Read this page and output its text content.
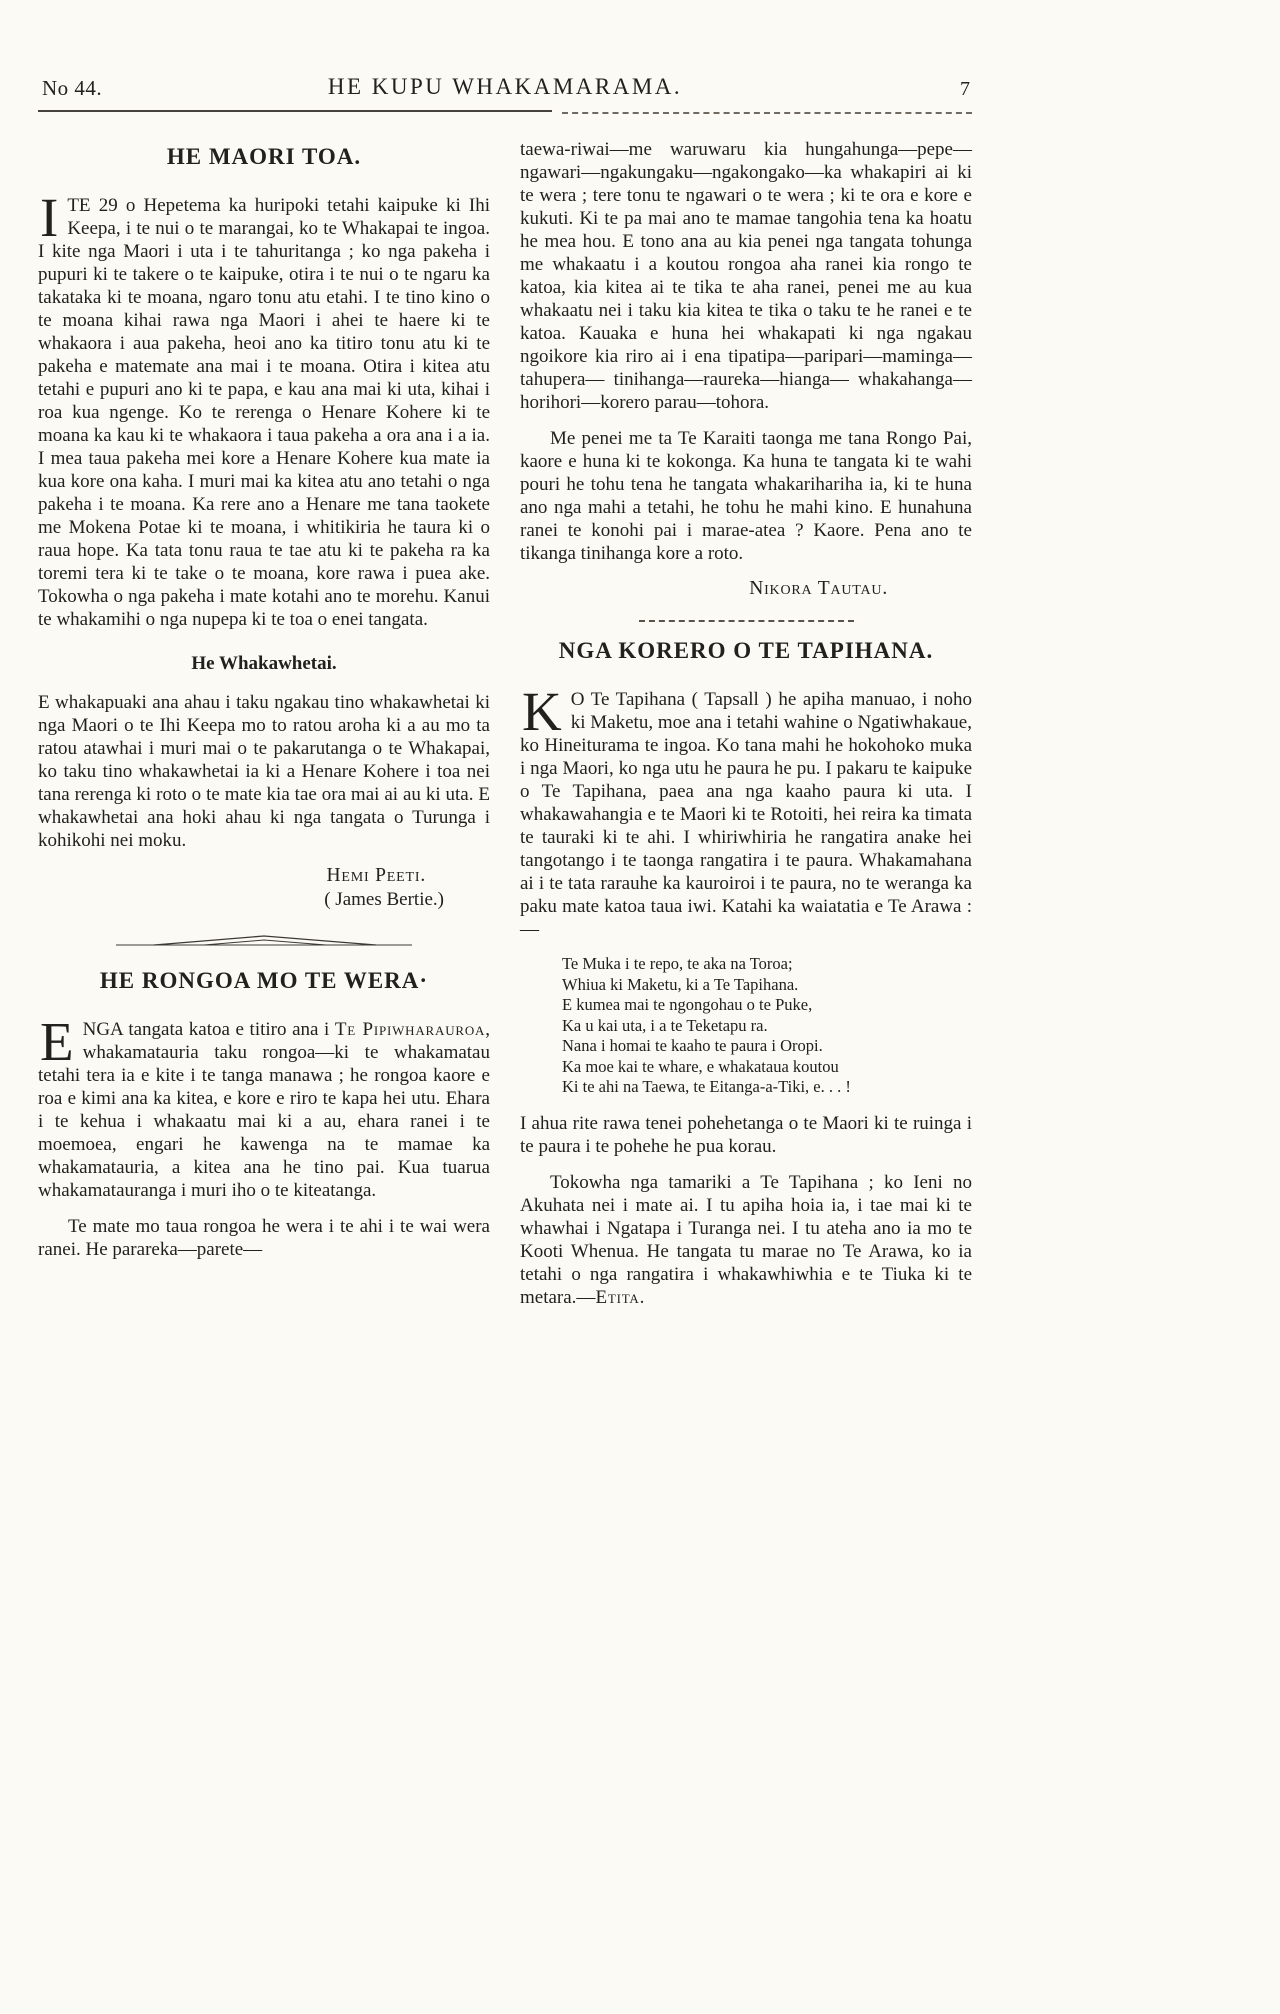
No 44.	HE KUPU WHAKAMARAMA.	7
HE MAORI TOA.

ITE 29 o Hepetema ka huripoki tetahi kaipuke ki Ihi Keepa, i te nui o te marangai, ko te Whakapai te ingoa. I kite nga Maori i uta i te tahuritanga ; ko nga pakeha i pupuri ki te takere o te kaipuke, otira i te nui o te ngaru ka takataka ki te moana, ngaro tonu atu etahi. I te tino kino o te moana kihai rawa nga Maori i ahei te haere ki te whakaora i aua pakeha, heoi ano ka titiro tonu atu ki te pakeha e matemate ana mai i te moana. Otira i kitea atu tetahi e pupuri ano ki te papa, e kau ana mai ki uta, kihai i roa kua ngenge. Ko te rerenga o Henare Kohere ki te moana ka kau ki te whakaora i taua pakeha a ora ana i a ia. I mea taua pakeha mei kore a Henare Kohere kua mate ia kua kore ona kaha. I muri mai ka kitea atu ano tetahi o nga pakeha i te moana. Ka rere ano a Henare me tana taokete me Mokena Potae ki te moana, i whitikiria he taura ki o raua hope. Ka tata tonu raua te tae atu ki te pakeha ra ka toremi tera ki te take o te moana, kore rawa i puea ake. Tokowha o nga pakeha i mate kotahi ano te morehu. Kanui te whakamihi o nga nupepa ki te toa o enei tangata.

He Whakawhetai.

E whakapuaki ana ahau i taku ngakau tino whakawhetai ki nga Maori o te Ihi Keepa mo to ratou aroha ki a au mo ta ratou atawhai i muri mai o te pakarutanga o te Whakapai, ko taku tino whakawhetai ia ki a Henare Kohere i toa nei tana rerenga ki roto o te mate kia tae ora mai ai au ki uta. E whakawhetai ana hoki ahau ki nga tangata o Turunga i kohikohi nei moku.

Hemi Peeti.
( James Bertie.)
HE RONGOA MO TE WERA·

ENGA tangata katoa e titiro ana i Te Pipiwharauroa, whakamatauria taku rongoa—ki te whakamatau tetahi tera ia e kite i te tanga manawa ; he rongoa kaore e roa e kimi ana ka kitea, e kore e riro te kapa hei utu. Ehara i te kehua i whakaatu mai ki a au, ehara ranei i te moemoea, engari he kawenga na te mamae ka whakamatauria, a kitea ana he tino pai. Kua tuarua whakamatauranga i muri iho o te kiteatanga.

Te mate mo taua rongoa he wera i te ahi i te wai wera ranei. He parareka—parete—

taewa-riwai—me waruwaru kia hungahunga—pepe—ngawari—ngakungaku—ngakongako—ka whakapiri ai ki te wera ; tere tonu te ngawari o te wera ; ki te ora e kore e kukuti. Ki te pa mai ano te mamae tangohia tena ka hoatu he mea hou. E tono ana au kia penei nga tangata tohunga me whakaatu i a koutou rongoa aha ranei kia rongo te katoa, kia kitea ai te tika te aha ranei, penei me au kua whakaatu nei i taku kia kitea te tika o taku te he ranei e te katoa. Kauaka e huna hei whakapati ki nga ngakau ngoikore kia riro ai i ena tipatipa—paripari—maminga—tahupera— tinihanga—raureka—hianga— whakahanga—horihori—korero parau—tohora.

Me penei me ta Te Karaiti taonga me tana Rongo Pai, kaore e huna ki te kokonga. Ka huna te tangata ki te wahi pouri he tohu tena he tangata whakarihariha ia, ki te huna ano nga mahi a tetahi, he tohu he mahi kino. E hunahuna ranei te konohi pai i marae-atea ? Kaore. Pena ano te tikanga tinihanga kore a roto.

Nikora Tautau.
NGA KORERO O TE TAPIHANA.

K O Te Tapihana ( Tapsall ) he apiha manuao, i noho ki Maketu, moe ana i tetahi wahine o Ngatiwhakaue, ko Hineiturama te ingoa. Ko tana mahi he hokohoko muka i nga Maori, ko nga utu he paura he pu. I pakaru te kaipuke o Te Tapihana, paea ana nga kaaho paura ki uta. I whakawahangia e te Maori ki te Rotoiti, hei reira ka timata te tauraki ki te ahi. I whiriwhiria he rangatira anake hei tangotango i te taonga rangatira i te paura. Whakamahana ai i te tata rarauhe ka kauroiroi i te paura, no te weranga ka paku mate katoa taua iwi. Katahi ka waiatatia e Te Arawa :—

Te Muka i te repo, te aka na Toroa;
Whiua ki Maketu, ki a Te Tapihana.
E kumea mai te ngongohau o te Puke,
Ka u kai uta, i a te Teketapu ra.
Nana i homai te kaaho te paura i Oropi.
Ka moe kai te whare, e whakataua koutou
Ki te ahi na Taewa, te Eitanga-a-Tiki, e. . . !

I ahua rite rawa tenei pohehetanga o te Maori ki te ruinga i te paura i te pohehe he pua korau.

Tokowha nga tamariki a Te Tapihana ; ko Ieni no Akuhata nei i mate ai. I tu apiha hoia ia, i tae mai ki te whawhai i Ngatapa i Turanga nei. I tu ateha ano ia mo te Kooti Whenua. He tangata tu marae no Te Arawa, ko ia tetahi o nga rangatira i whakawhiwhia e te Tiuka ki te metara.—Etita.
